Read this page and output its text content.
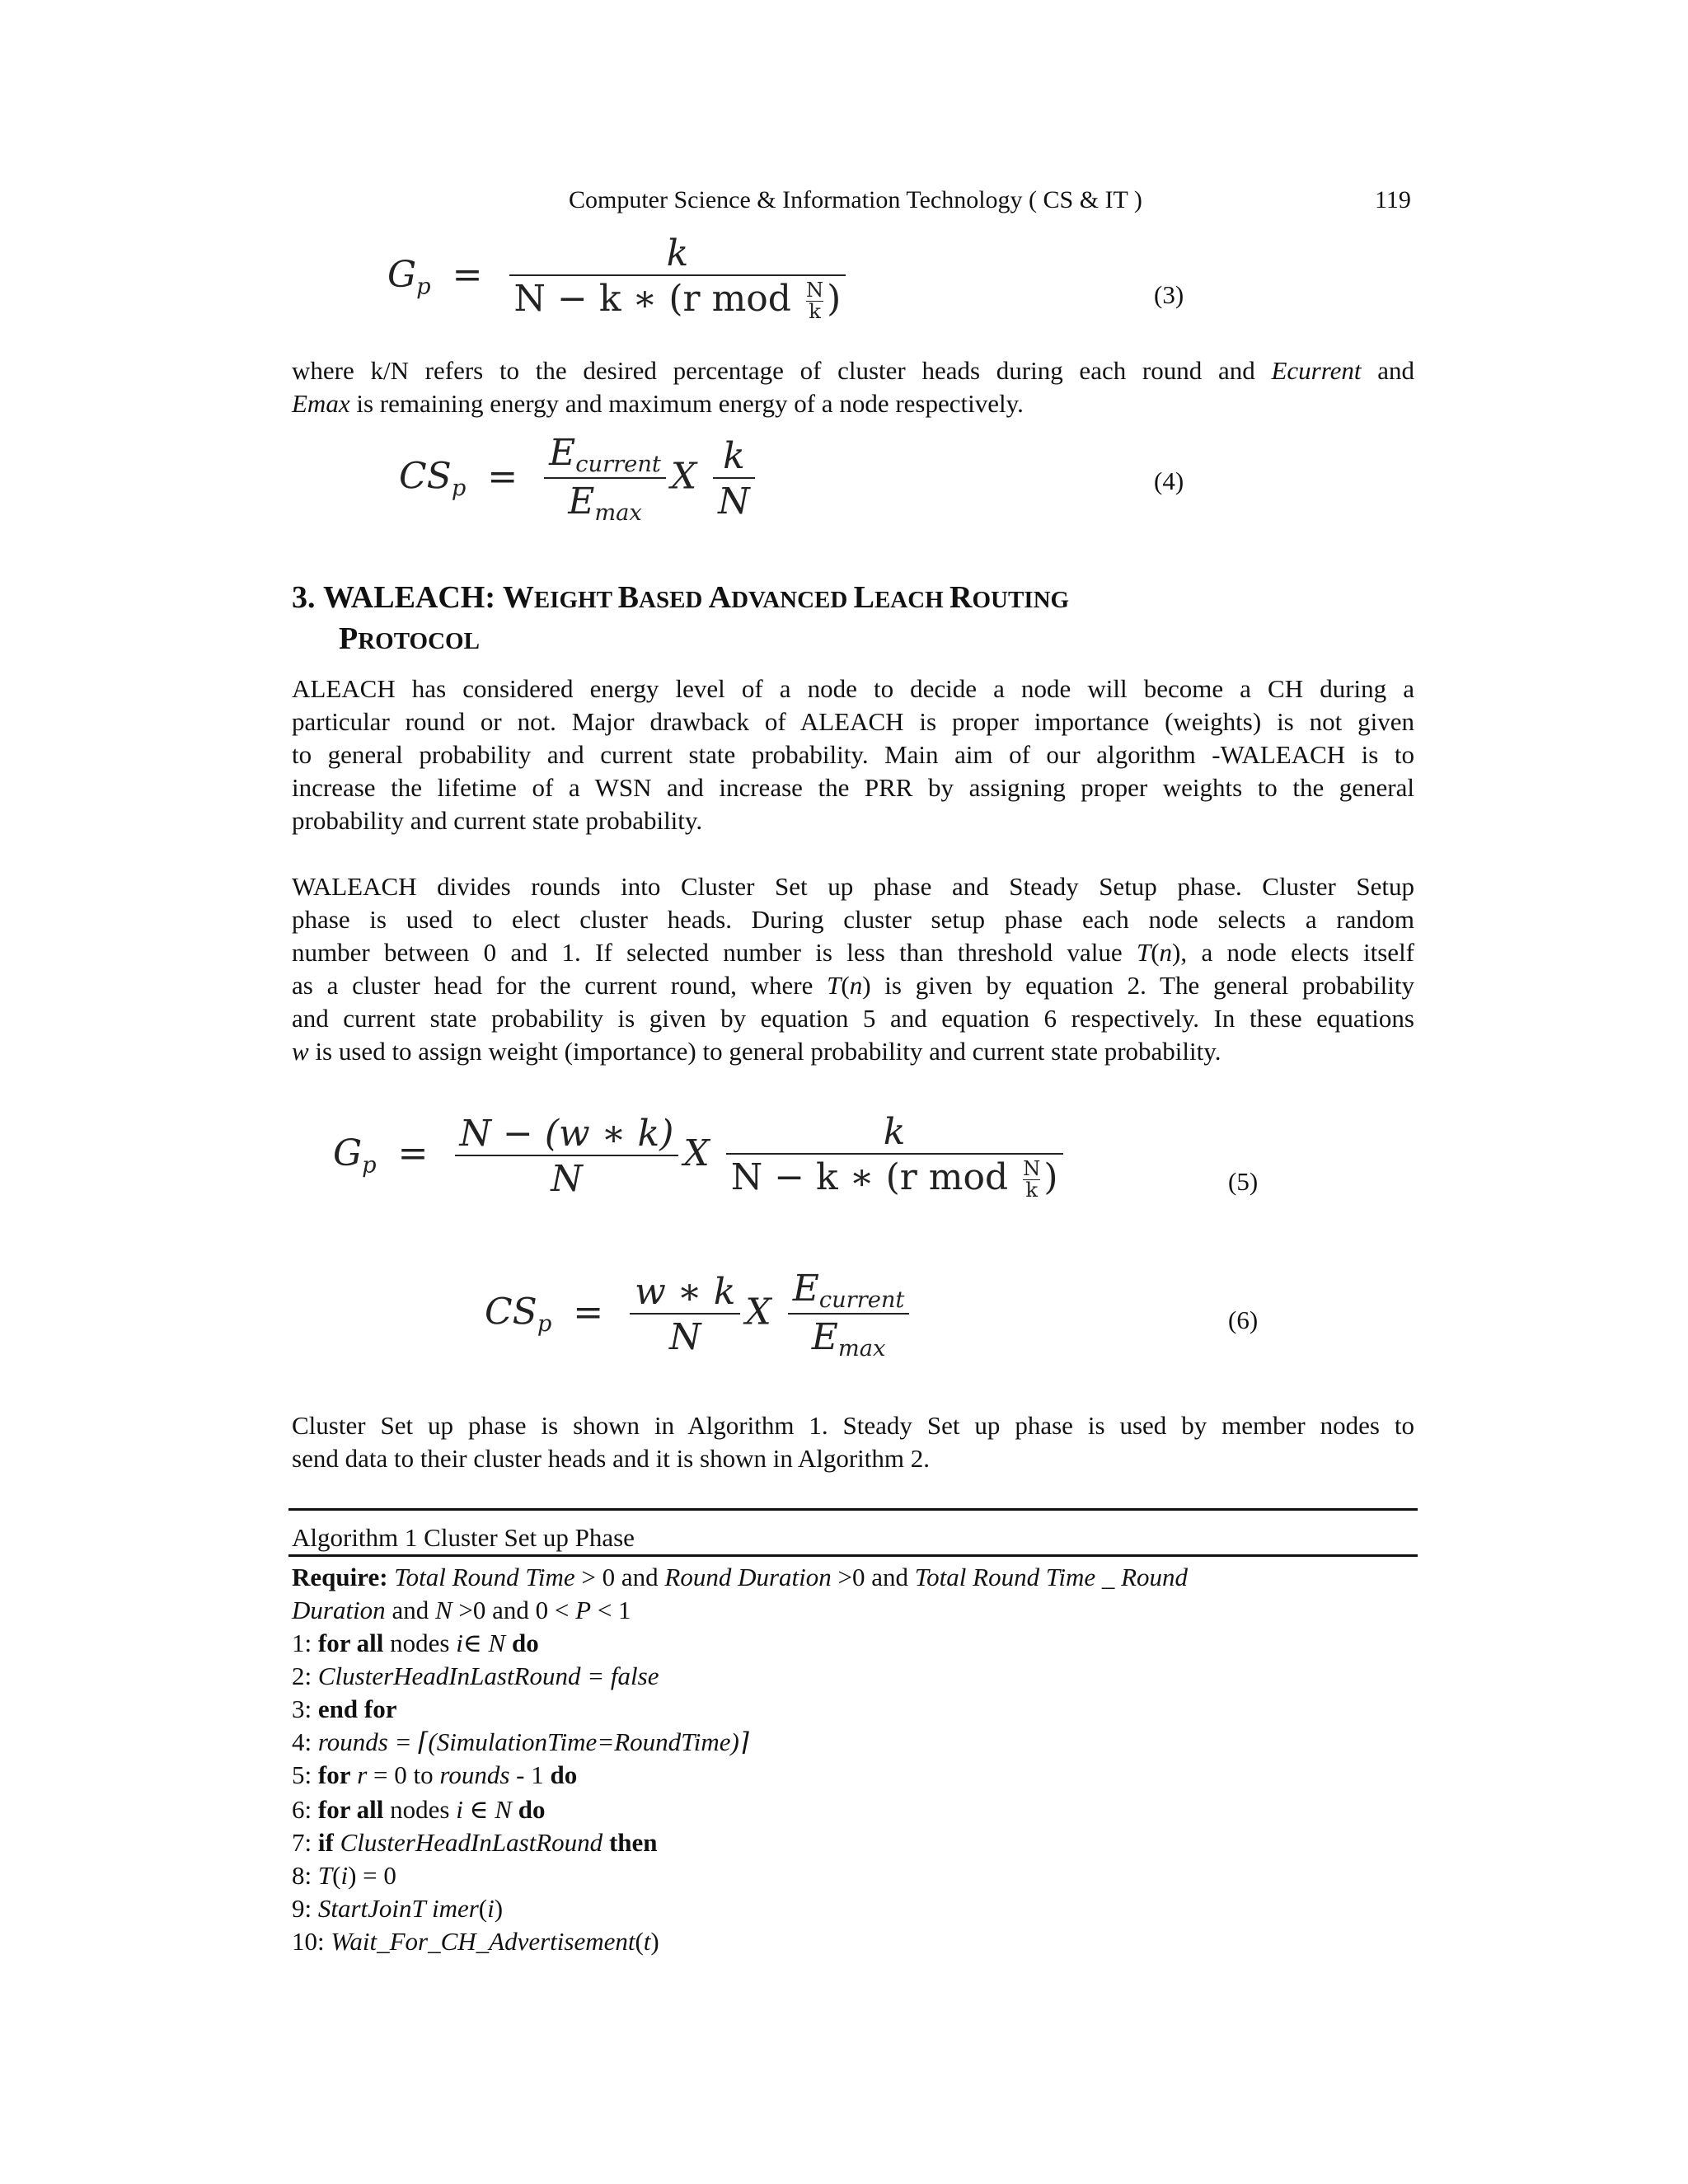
Computer Science & Information Technology ( CS & IT )	119
$G_p = \frac{k}{N - k ∗ (r mod \frac{N}{k} )}$	(3)
where k/N refers to the desired percentage of cluster heads during each round and Ecurrent and
Emax is remaining energy and maximum energy of a node respectively.
$CS_p = \frac{E_{current}}{E_{max}}$ X $\frac{k}{N}$	(4)
3. WALEACH: WEIGHT BASED ADVANCED LEACH ROUTING
PROTOCOL
ALEACH has considered energy level of a node to decide a node will become a CH during a
particular round or not. Major drawback of ALEACH is proper importance (weights) is not given
to general probability and current state probability. Main aim of our algorithm -WALEACH is to
increase the lifetime of a WSN and increase the PRR by assigning proper weights to the general
probability and current state probability.
WALEACH divides rounds into Cluster Set up phase and Steady Setup phase. Cluster Setup
phase is used to elect cluster heads. During cluster setup phase each node selects a random
number between 0 and 1. If selected number is less than threshold value T(n), a node elects itself
as a cluster head for the current round, where T(n) is given by equation 2. The general probability
and current state probability is given by equation 5 and equation 6 respectively. In these equations
w is used to assign weight (importance) to general probability and current state probability.
$G_p = \frac{N - (w ∗ k)}{N}$ X $\frac{k}{N - k ∗ (r mod \frac{N}{k} )}$	(5)
$CS_p = \frac{w ∗ k}{N}$ X $\frac{E_{current}}{E_{max}}$	(6)
Cluster Set up phase is shown in Algorithm 1. Steady Set up phase is used by member nodes to
send data to their cluster heads and it is shown in Algorithm 2.
Algorithm 1 Cluster Set up Phase
Require: Total Round Time > 0 and Round Duration >0 and Total Round Time _ Round
Duration and N >0 and 0 < P < 1
1: for all nodes i∈ N do
2: ClusterHeadInLastRound = false
3: end for
4: rounds = ⌈(SimulationTime=RoundTime)⌉
5: for r = 0 to rounds - 1 do
6: for all nodes i ∈ N do
7: if ClusterHeadInLastRound then
8: T(i) = 0
9: StartJoinT imer(i)
10: Wait_For_CH_Advertisement(t)
